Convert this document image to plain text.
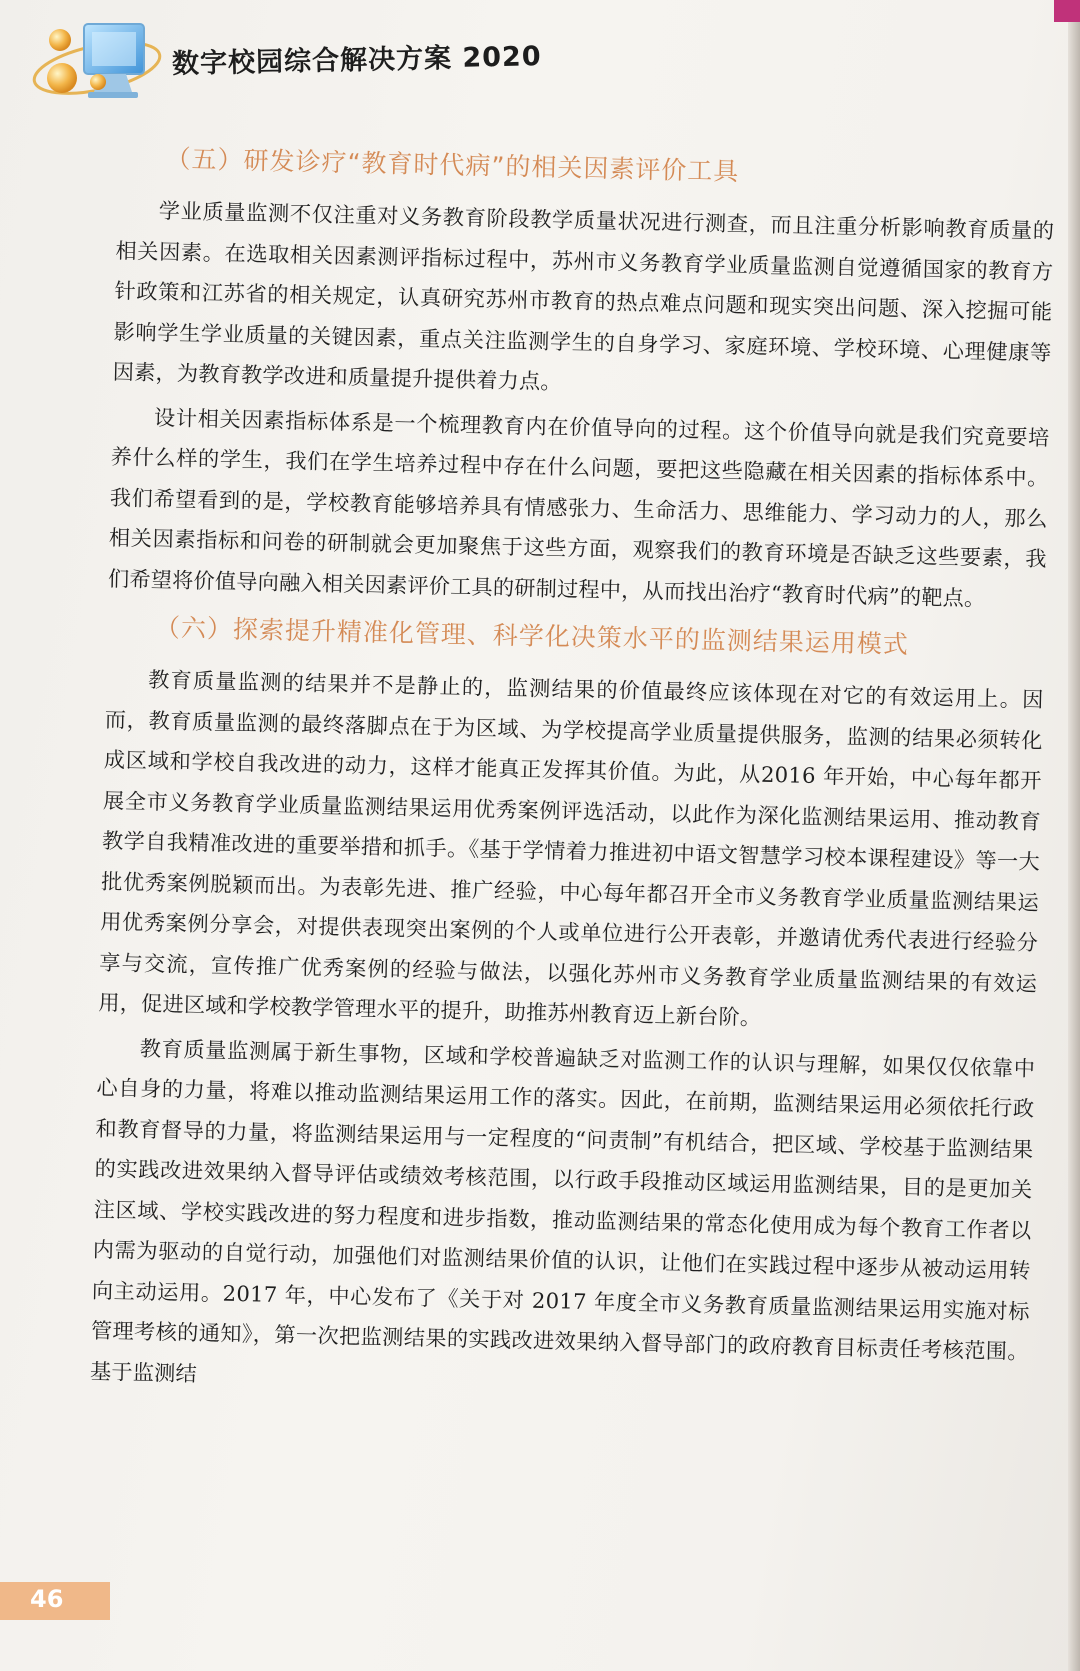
数字校园综合解决方案 2020
（五）研发诊疗“教育时代病”的相关因素评价工具

学业质量监测不仅注重对义务教育阶段教学质量状况进行测查，而且注重分析影响教育质量的相关因素。在选取相关因素测评指标过程中，苏州市义务教育学业质量监测自觉遵循国家的教育方针政策和江苏省的相关规定，认真研究苏州市教育的热点难点问题和现实突出问题、深入挖掘可能影响学生学业质量的关键因素，重点关注监测学生的自身学习、家庭环境、学校环境、心理健康等因素，为教育教学改进和质量提升提供着力点。

设计相关因素指标体系是一个梳理教育内在价值导向的过程。这个价值导向就是我们究竟要培养什么样的学生，我们在学生培养过程中存在什么问题，要把这些隐藏在相关因素的指标体系中。我们希望看到的是，学校教育能够培养具有情感张力、生命活力、思维能力、学习动力的人，那么相关因素指标和问卷的研制就会更加聚焦于这些方面，观察我们的教育环境是否缺乏这些要素，我们希望将价值导向融入相关因素评价工具的研制过程中，从而找出治疗“教育时代病”的靶点。

（六）探索提升精准化管理、科学化决策水平的监测结果运用模式

教育质量监测的结果并不是静止的，监测结果的价值最终应该体现在对它的有效运用上。因而，教育质量监测的最终落脚点在于为区域、为学校提高学业质量提供服务，监测的结果必须转化成区域和学校自我改进的动力，这样才能真正发挥其价值。为此，从2016 年开始，中心每年都开展全市义务教育学业质量监测结果运用优秀案例评选活动，以此作为深化监测结果运用、推动教育教学自我精准改进的重要举措和抓手。《基于学情着力推进初中语文智慧学习校本课程建设》等一大批优秀案例脱颖而出。为表彰先进、推广经验，中心每年都召开全市义务教育学业质量监测结果运用优秀案例分享会，对提供表现突出案例的个人或单位进行公开表彰，并邀请优秀代表进行经验分享与交流，宣传推广优秀案例的经验与做法，以强化苏州市义务教育学业质量监测结果的有效运用，促进区域和学校教学管理水平的提升，助推苏州教育迈上新台阶。

教育质量监测属于新生事物，区域和学校普遍缺乏对监测工作的认识与理解，如果仅仅依靠中心自身的力量，将难以推动监测结果运用工作的落实。因此，在前期，监测结果运用必须依托行政和教育督导的力量，将监测结果运用与一定程度的“问责制”有机结合，把区域、学校基于监测结果的实践改进效果纳入督导评估或绩效考核范围，以行政手段推动区域运用监测结果，目的是更加关注区域、学校实践改进的努力程度和进步指数，推动监测结果的常态化使用成为每个教育工作者以内需为驱动的自觉行动，加强他们对监测结果价值的认识，让他们在实践过程中逐步从被动运用转向主动运用。2017 年，中心发布了《关于对 2017 年度全市义务教育质量监测结果运用实施对标管理考核的通知》，第一次把监测结果的实践改进效果纳入督导部门的政府教育目标责任考核范围。基于监测结

46
